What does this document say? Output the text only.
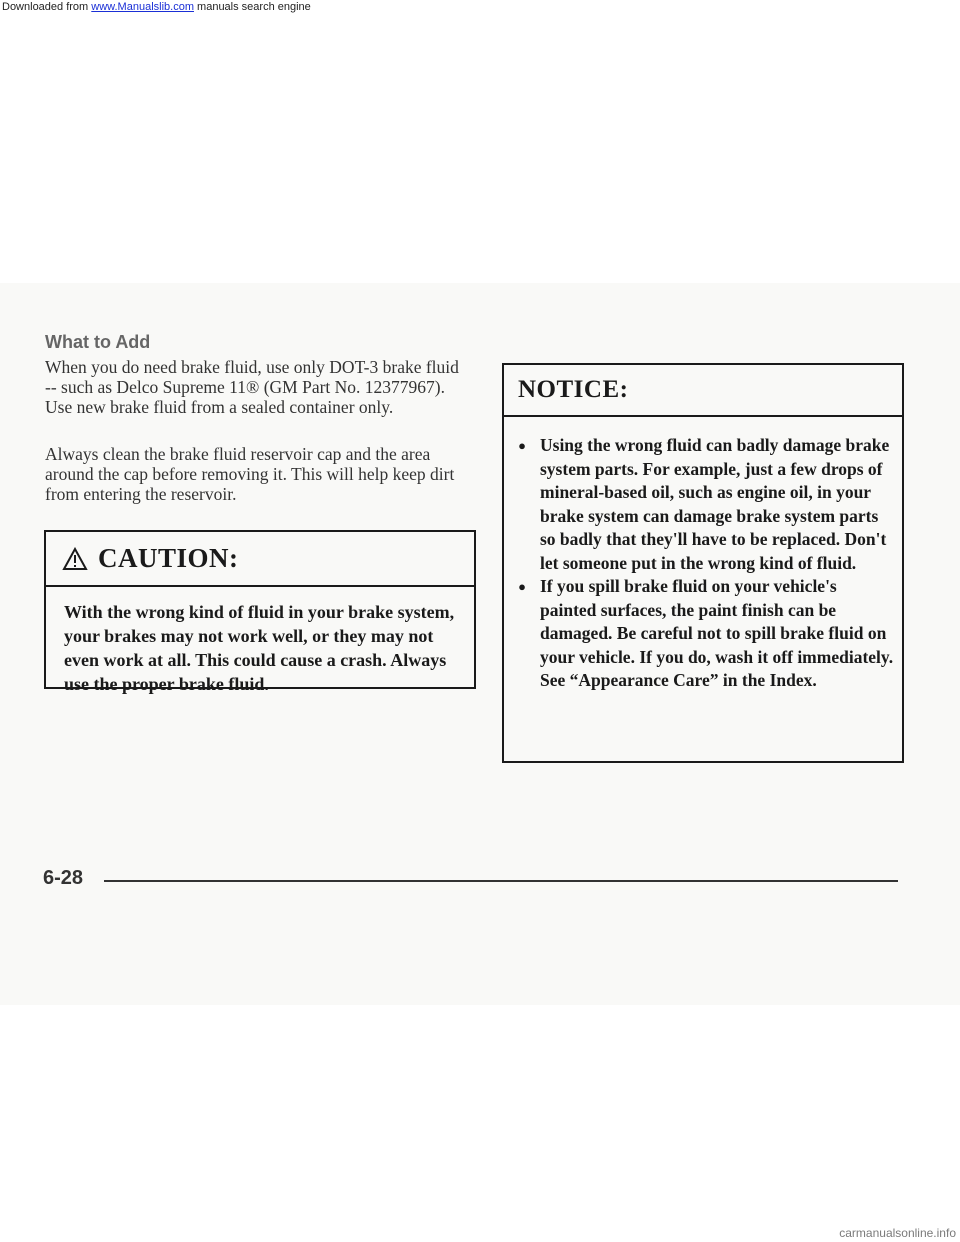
Downloaded from www.Manualslib.com manuals search engine
What to Add

When you do need brake fluid, use only DOT-3 brake fluid -- such as Delco Supreme 11® (GM Part No. 12377967). Use new brake fluid from a sealed container only.

Always clean the brake fluid reservoir cap and the area around the cap before removing it. This will help keep dirt from entering the reservoir.

CAUTION:
With the wrong kind of fluid in your brake system, your brakes may not work well, or they may not even work at all. This could cause a crash. Always use the proper brake fluid.
NOTICE:
● Using the wrong fluid can badly damage brake system parts. For example, just a few drops of mineral-based oil, such as engine oil, in your brake system can damage brake system parts so badly that they'll have to be replaced. Don't let someone put in the wrong kind of fluid.
● If you spill brake fluid on your vehicle's painted surfaces, the paint finish can be damaged. Be careful not to spill brake fluid on your vehicle. If you do, wash it off immediately. See “Appearance Care” in the Index.
6-28
carmanualsonline.info
